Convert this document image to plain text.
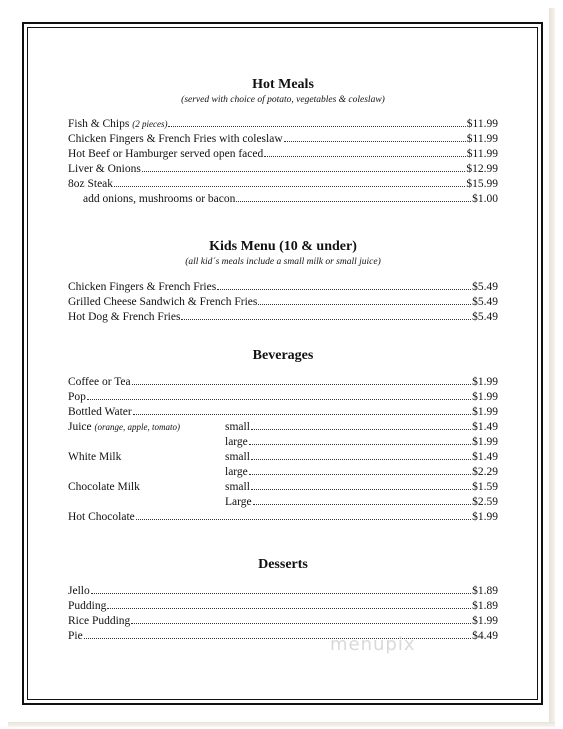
Hot Meals

(served with choice of potato, vegetables & coleslaw)

Fish & Chips (2 pieces)	$11.99
Chicken Fingers & French Fries with coleslaw	$11.99
Hot Beef or Hamburger served open faced	$11.99
Liver & Onions	$12.99
8oz Steak	$15.99
add onions, mushrooms or bacon	$1.00
Kids Menu (10 & under)

(all kid´s meals include a small milk or small juice)

Chicken Fingers & French Fries	$5.49
Grilled Cheese Sandwich & French Fries	$5.49
Hot Dog & French Fries	$5.49
Beverages
Coffee or Tea	$1.99
Pop	$1.99
Bottled Water	$1.99
Juice (orange, apple, tomato)	small	$1.49
large	$1.99
White Milk	small	$1.49
large	$2.29
Chocolate Milk	small	$1.59
Large	$2.59
Hot Chocolate	$1.99
Desserts
Jello	$1.89
Pudding	$1.89
Rice Pudding	$1.99
Pie	$4.49
menupix
